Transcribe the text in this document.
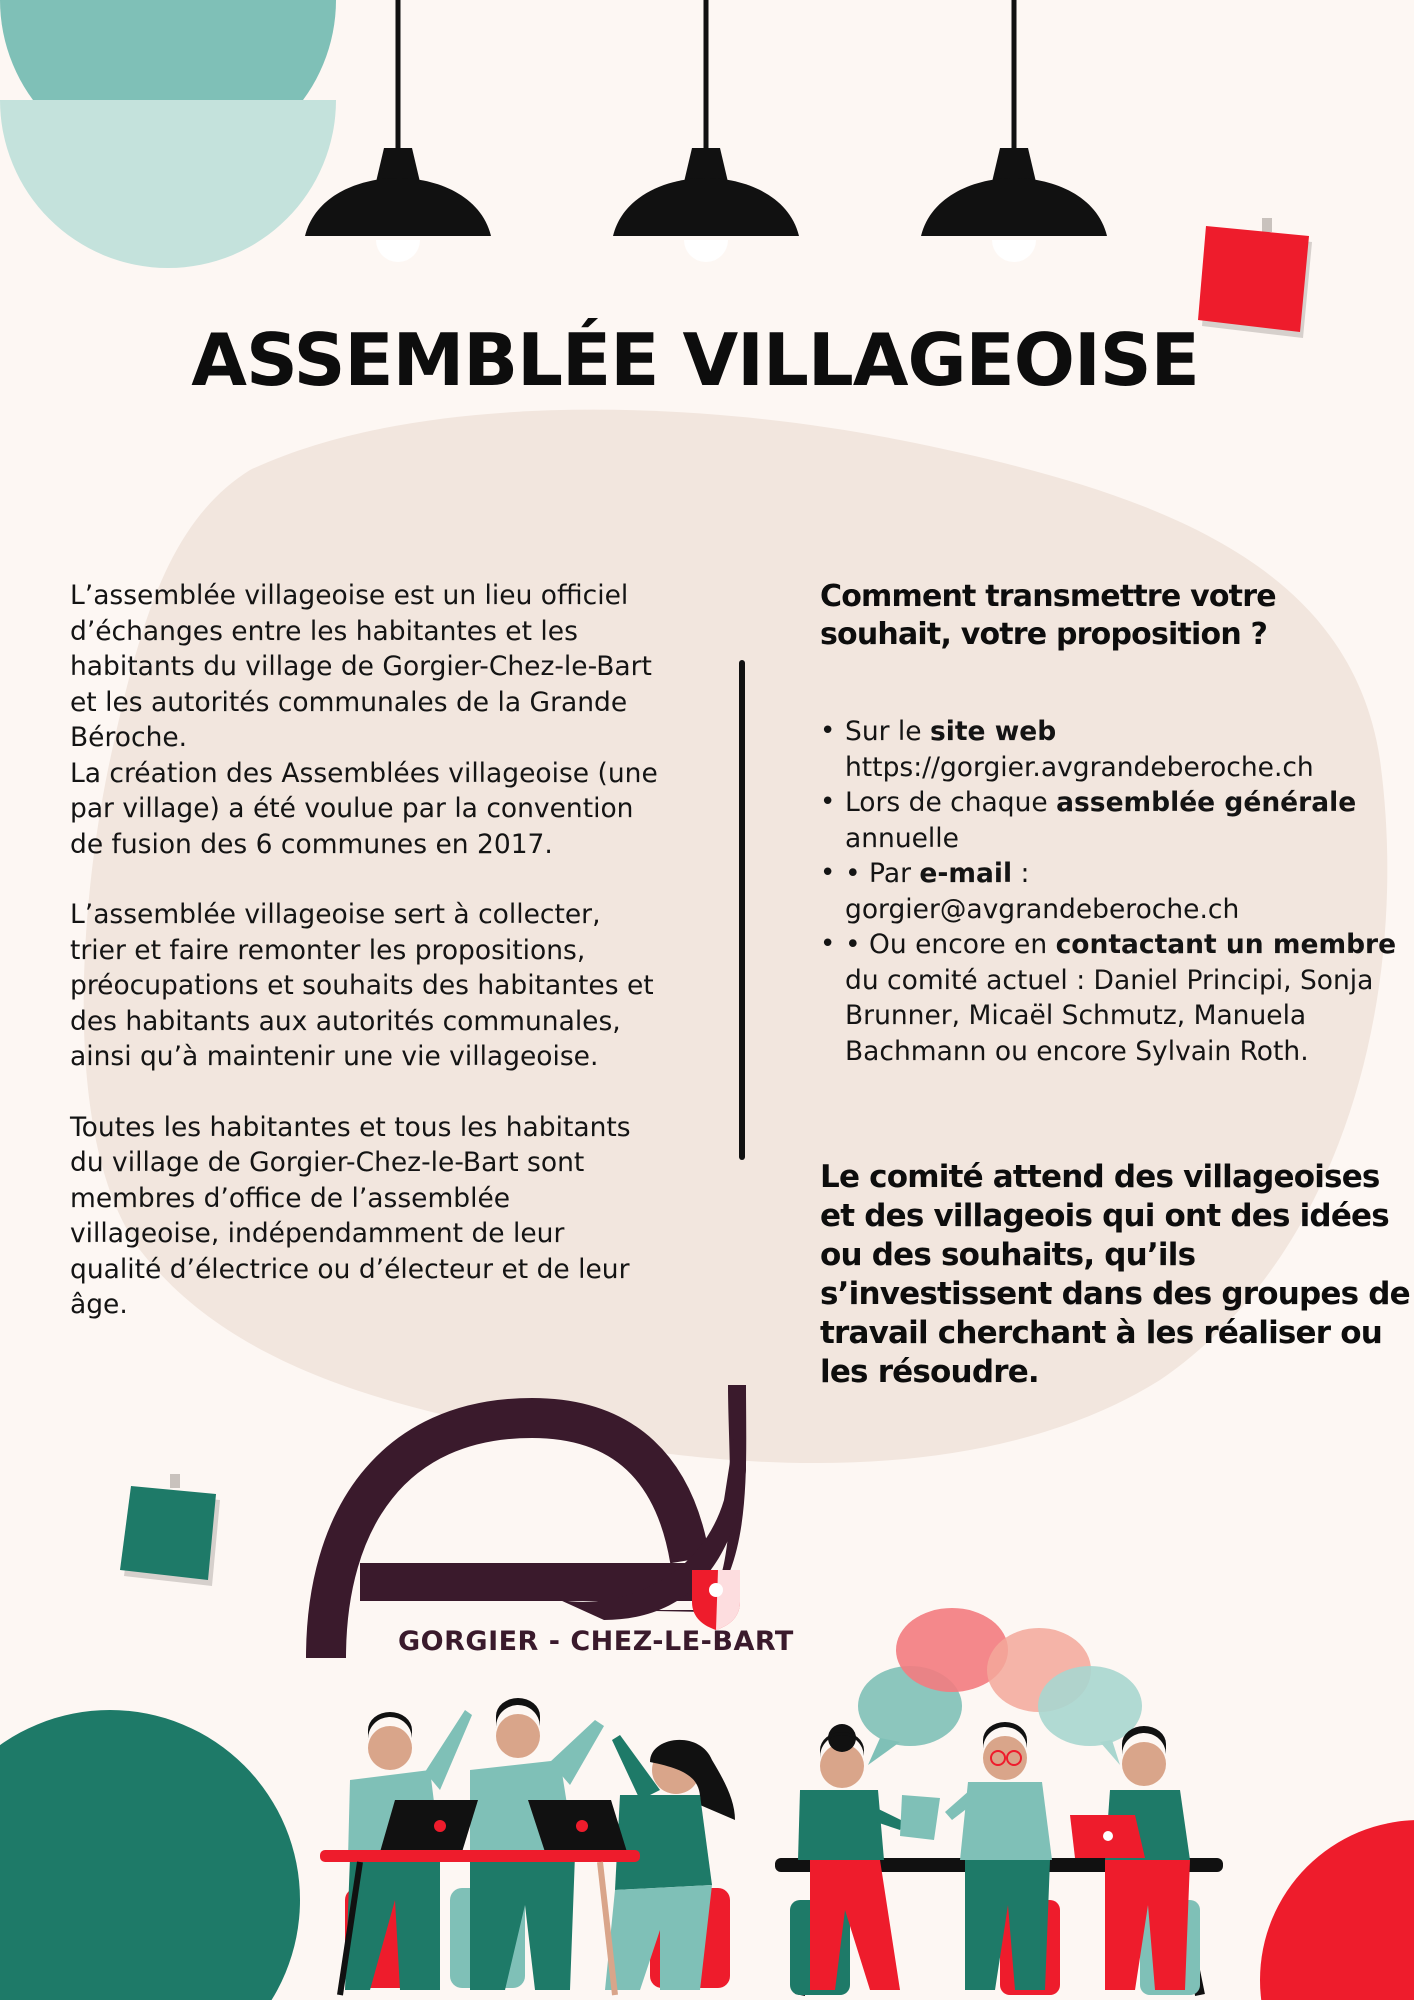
ASSEMBLÉE VILLAGEOISE

L’assemblée villageoise est un lieu officiel d’échanges entre les habitantes et les habitants du village de Gorgier-Chez-le-Bart et les autorités communales de la Grande Béroche.

La création des Assemblées villageoise (une par village) a été voulue par la convention de fusion des 6 communes en 2017.

L’assemblée villageoise sert à collecter, trier et faire remonter les propositions, préocupations et souhaits des habitantes et des habitants aux autorités communales, ainsi qu’à maintenir une vie villageoise.

Toutes les habitantes et tous les habitants du village de Gorgier-Chez-le-Bart sont membres d’office de l’assemblée villageoise, indépendamment de leur qualité d’électrice ou d’électeur et de leur âge.

Comment transmettre votre souhait, votre proposition ?
• Sur le site web https://gorgier.avgrandeberoche.ch
• Lors de chaque assemblée générale annuelle
• • Par e-mail : gorgier@avgrandeberoche.ch
• • Ou encore en contactant un membre du comité actuel : Daniel Principi, Sonja Brunner, Micaël Schmutz, Manuela Bachmann ou encore Sylvain Roth.

Le comité attend des villageoises et des villageois qui ont des idées ou des souhaits, qu’ils s’investissent dans des groupes de travail cherchant à les réaliser ou les résoudre.

GORGIER - CHEZ-LE-BART
